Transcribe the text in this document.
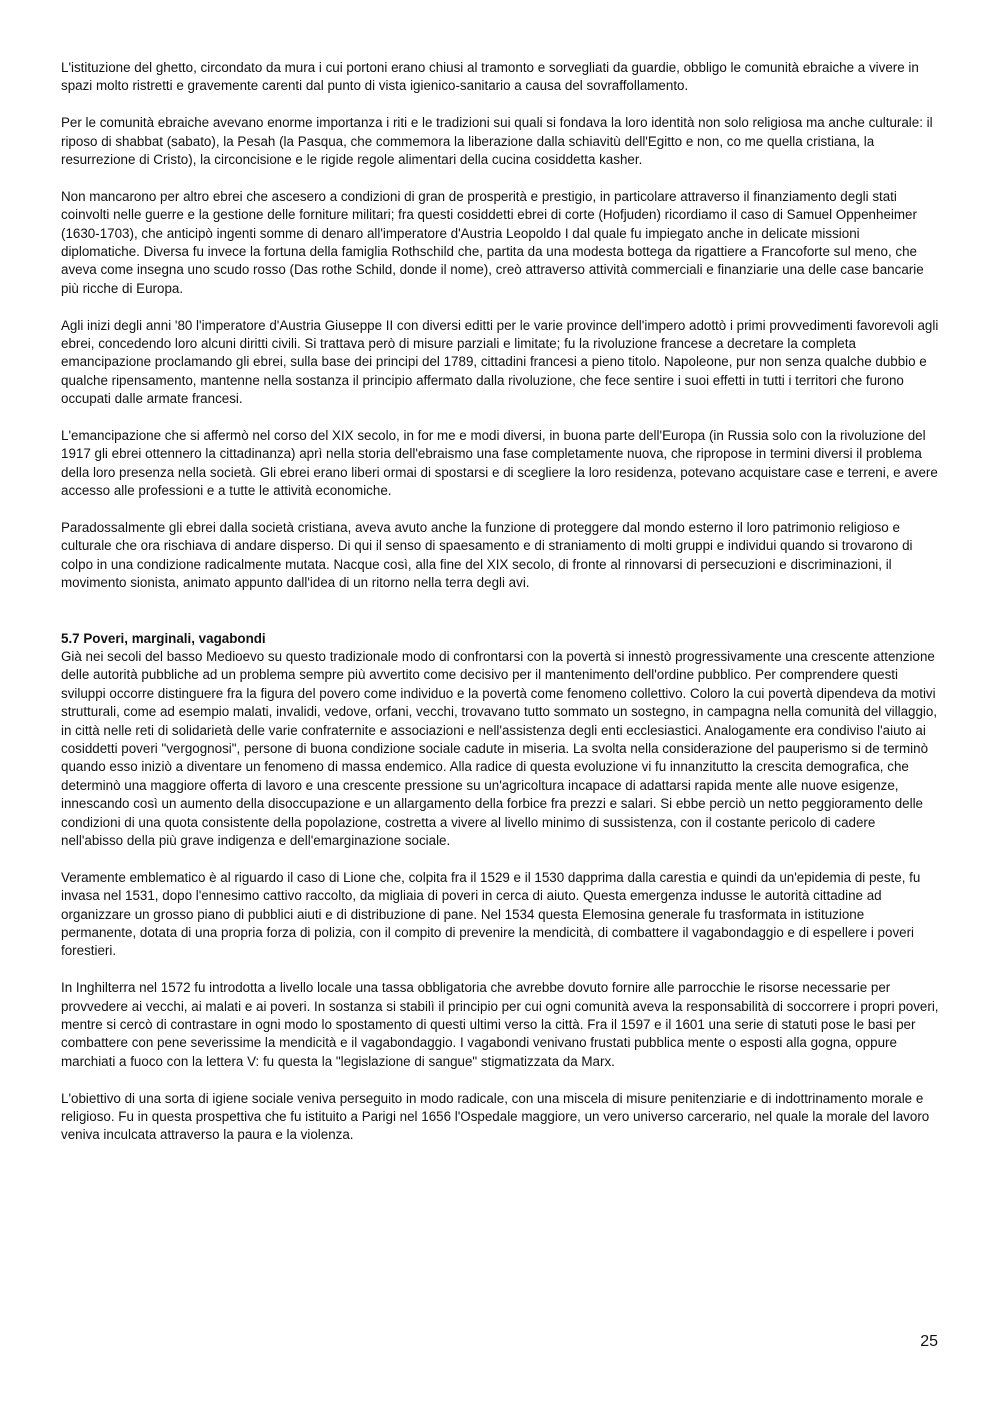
L'istituzione del ghetto, circondato da mura i cui portoni erano chiusi al tramonto e sorvegliati da guardie, obbligo le comunità ebraiche a vivere in spazi molto ristretti e gravemente carenti dal punto di vista igienico-sanitario a causa del sovraffollamento.

Per le comunità ebraiche avevano enorme importanza i riti e le tradizioni sui quali si fondava la loro identità non solo religiosa ma anche culturale: il riposo di shabbat (sabato), la Pesah (la Pasqua, che commemora la liberazione dalla schiavitù dell'Egitto e non, co me quella cristiana, la resurrezione di Cristo), la circoncisione e le rigide regole alimentari della cucina cosiddetta kasher.

Non mancarono per altro ebrei che ascesero a condizioni di gran de prosperità e prestigio, in particolare attraverso il finanziamento degli stati coinvolti nelle guerre e la gestione delle forniture militari; fra questi cosiddetti ebrei di corte (Hofjuden) ricordiamo il caso di Samuel Oppenheimer (1630-1703), che anticipò ingenti somme di denaro all'imperatore d'Austria Leopoldo I dal quale fu impiegato anche in delicate missioni diplomatiche. Diversa fu invece la fortuna della famiglia Rothschild che, partita da una modesta bottega da rigattiere a Francoforte sul meno, che aveva come insegna uno scudo rosso (Das rothe Schild, donde il nome), creò attraverso attività commerciali e finanziarie una delle case bancarie più ricche di Europa.

Agli inizi degli anni '80 l'imperatore d'Austria Giuseppe II con diversi editti per le varie province dell'impero adottò i primi provvedimenti favorevoli agli ebrei, concedendo loro alcuni diritti civili. Si trattava però di misure parziali e limitate; fu la rivoluzione francese a decretare la completa emancipazione proclamando gli ebrei, sulla base dei principi del 1789, cittadini francesi a pieno titolo. Napoleone, pur non senza qualche dubbio e qualche ripensamento, mantenne nella sostanza il principio affermato dalla rivoluzione, che fece sentire i suoi effetti in tutti i territori che furono occupati dalle armate francesi.

L'emancipazione che si affermò nel corso del XIX secolo, in for me e modi diversi, in buona parte dell'Europa (in Russia solo con la rivoluzione del 1917 gli ebrei ottennero la cittadinanza) aprì nella storia dell'ebraismo una fase completamente nuova, che ripropose in termini diversi il problema della loro presenza nella società. Gli ebrei erano liberi ormai di spostarsi e di scegliere la loro residenza, potevano acquistare case e terreni, e avere accesso alle professioni e a tutte le attività economiche.

Paradossalmente gli ebrei dalla società cristiana, aveva avuto anche la funzione di proteggere dal mondo esterno il loro patrimonio religioso e culturale che ora rischiava di andare disperso. Di qui il senso di spaesamento e di straniamento di molti gruppi e individui quando si trovarono di colpo in una condizione radicalmente mutata. Nacque così, alla fine del XIX secolo, di fronte al rinnovarsi di persecuzioni e discriminazioni, il movimento sionista, animato appunto dall'idea di un ritorno nella terra degli avi.

5.7 Poveri, marginali, vagabondi

Già nei secoli del basso Medioevo su questo tradizionale modo di confrontarsi con la povertà si innestò progressivamente una crescente attenzione delle autorità pubbliche ad un problema sempre più avvertito come decisivo per il mantenimento dell'ordine pubblico. Per comprendere questi sviluppi occorre distinguere fra la figura del povero come individuo e la povertà come fenomeno collettivo. Coloro la cui povertà dipendeva da motivi strutturali, come ad esempio malati, invalidi, vedove, orfani, vecchi, trovavano tutto sommato un sostegno, in campagna nella comunità del villaggio, in città nelle reti di solidarietà delle varie confraternite e associazioni e nell'assistenza degli enti ecclesiastici. Analogamente era condiviso l'aiuto ai cosiddetti poveri "vergognosi", persone di buona condizione sociale cadute in miseria. La svolta nella considerazione del pauperismo si de terminò quando esso iniziò a diventare un fenomeno di massa endemico. Alla radice di questa evoluzione vi fu innanzitutto la crescita demografica, che determinò una maggiore offerta di lavoro e una crescente pressione su un'agricoltura incapace di adattarsi rapida mente alle nuove esigenze, innescando così un aumento della disoccupazione e un allargamento della forbice fra prezzi e salari. Si ebbe perciò un netto peggioramento delle condizioni di una quota consistente della popolazione, costretta a vivere al livello minimo di sussistenza, con il costante pericolo di cadere nell'abisso della più grave indigenza e dell'emarginazione sociale.

Veramente emblematico è al riguardo il caso di Lione che, colpita fra il 1529 e il 1530 dapprima dalla carestia e quindi da un'epidemia di peste, fu invasa nel 1531, dopo l'ennesimo cattivo raccolto, da migliaia di poveri in cerca di aiuto. Questa emergenza indusse le autorità cittadine ad organizzare un grosso piano di pubblici aiuti e di distribuzione di pane. Nel 1534 questa Elemosina generale fu trasformata in istituzione permanente, dotata di una propria forza di polizia, con il compito di prevenire la mendicità, di combattere il vagabondaggio e di espellere i poveri forestieri.

In Inghilterra nel 1572 fu introdotta a livello locale una tassa obbligatoria che avrebbe dovuto fornire alle parrocchie le risorse necessarie per provvedere ai vecchi, ai malati e ai poveri. In sostanza si stabilì il principio per cui ogni comunità aveva la responsabilità di soccorrere i propri poveri, mentre si cercò di contrastare in ogni modo lo spostamento di questi ultimi verso la città. Fra il 1597 e il 1601 una serie di statuti pose le basi per combattere con pene severissime la mendicità e il vagabondaggio. I vagabondi venivano frustati pubblica mente o esposti alla gogna, oppure marchiati a fuoco con la lettera V: fu questa la "legislazione di sangue" stigmatizzata da Marx.

L'obiettivo di una sorta di igiene sociale veniva perseguito in modo radicale, con una miscela di misure penitenziarie e di indottrinamento morale e religioso. Fu in questa prospettiva che fu istituito a Parigi nel 1656 l'Ospedale maggiore, un vero universo carcerario, nel quale la morale del lavoro veniva inculcata attraverso la paura e la violenza.

25
